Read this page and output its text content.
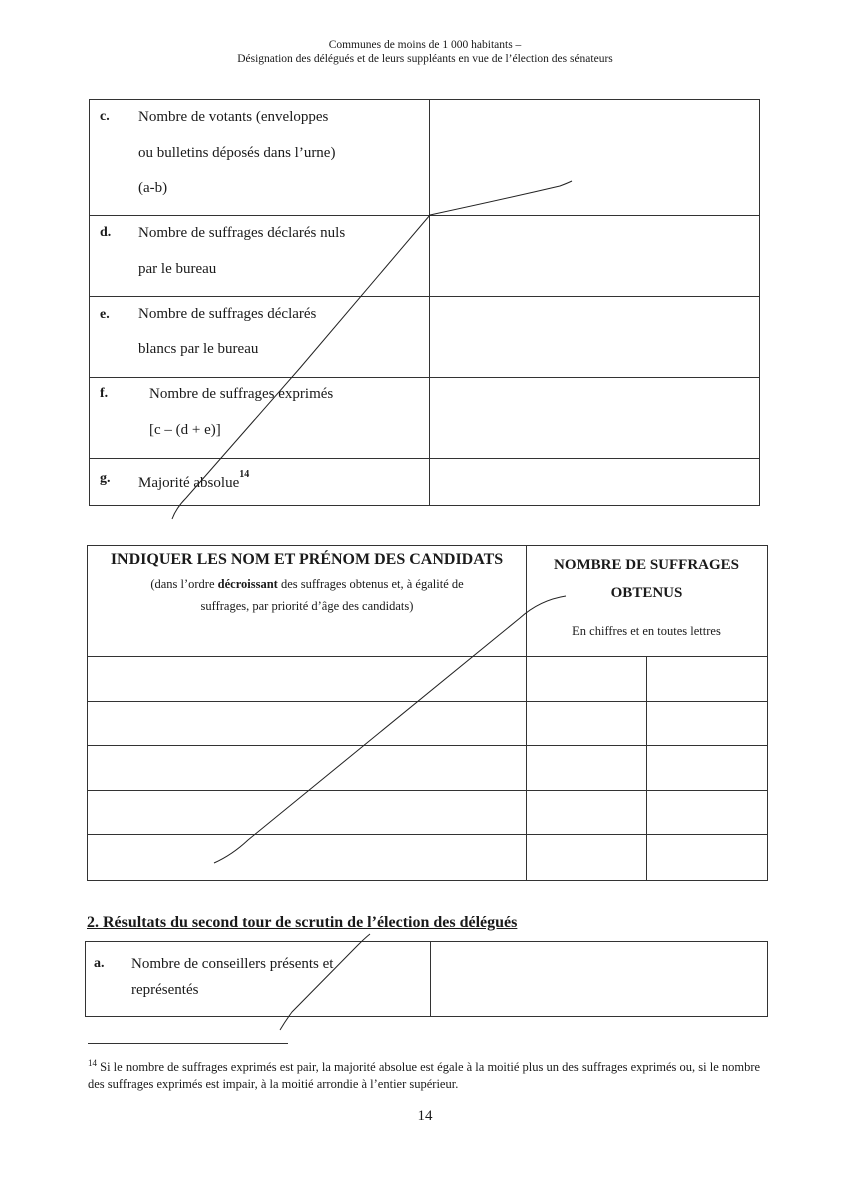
Communes de moins de 1 000 habitants –
Désignation des délégués et de leurs suppléants en vue de l’élection des sénateurs
c. Nombre de votants (enveloppes
ou bulletins déposés dans l’urne)
(a-b)
d. Nombre de suffrages déclarés nuls
par le bureau
e. Nombre de suffrages déclarés
blancs par le bureau
f.	Nombre de suffrages exprimés
[c – (d + e)]
g. Majorité absolue$^{14}$
INDIQUER LES NOM ET PRÉNOM DES CANDIDATS
(dans l’ordre décroissant des suffrages obtenus et, à égalité de
suffrages, par priorité d’âge des candidats)
NOMBRE DE SUFFRAGES
OBTENUS
En chiffres et en toutes lettres
2. Résultats du second tour de scrutin de l’élection des délégués
a. Nombre de conseillers présents et
représentés
$^{14}$ Si le nombre de suffrages exprimés est pair, la majorité absolue est égale à la moitié plus un des suffrages exprimés ou, si le nombre des suffrages exprimés est impair, à la moitié arrondie à l’entier supérieur.
14
